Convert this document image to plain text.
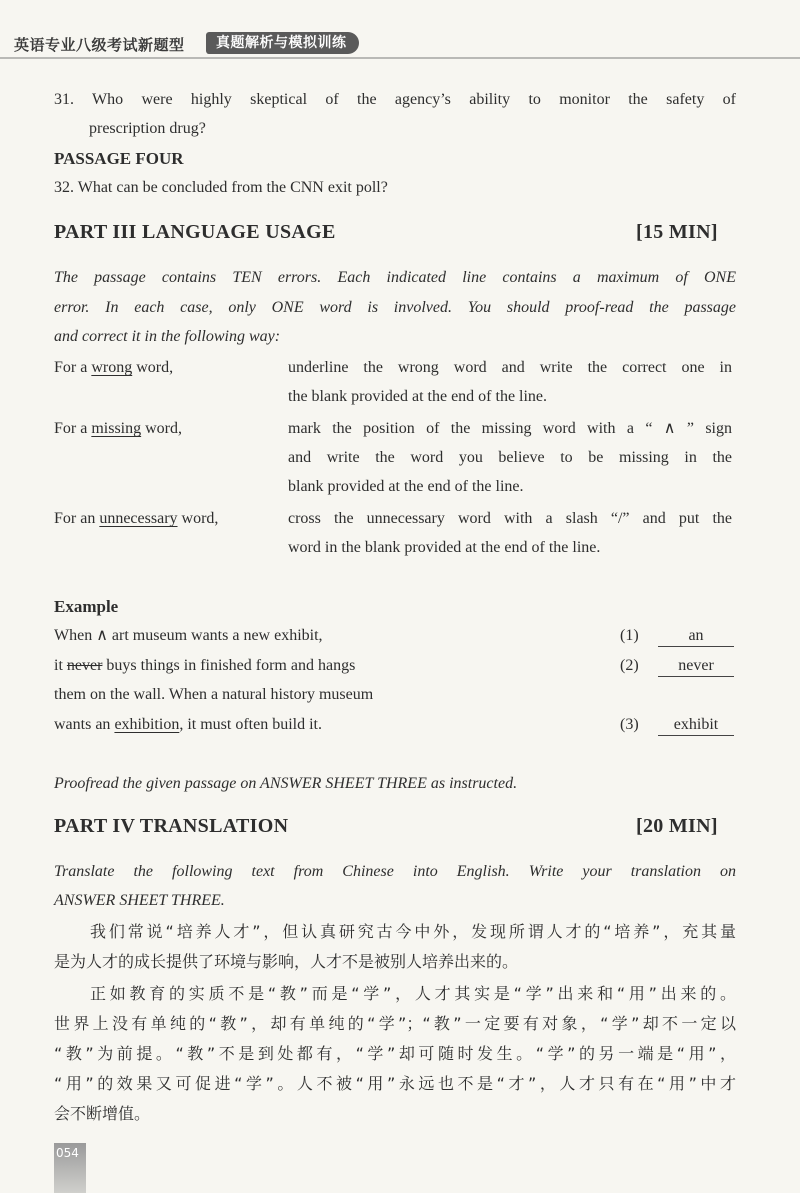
英语专业八级考试新题型	真题解析与模拟训练
31. Who were highly skeptical of the agency’s ability to monitor the safety of
prescription drug?
PASSAGE FOUR
32. What can be concluded from the CNN exit poll?
PART III LANGUAGE USAGE	[15 MIN]
The passage contains TEN errors. Each indicated line contains a maximum of ONE
error. In each case, only ONE word is involved. You should proof-read the passage
and correct it in the following way:
For a wrong word,	underline the wrong word and write the correct one in
the blank provided at the end of the line.
For a missing word,	mark the position of the missing word with a “ ∧ ” sign
and write the word you believe to be missing in the
blank provided at the end of the line.
For an unnecessary word,	cross the unnecessary word with a slash “/” and put the
word in the blank provided at the end of the line.
Example
When ∧ art museum wants a new exhibit,
it never buys things in finished form and hangs
them on the wall. When a natural history museum
wants an exhibition, it must often build it.
(1)	an
(2)	never
(3)	exhibit
Proofread the given passage on ANSWER SHEET THREE as instructed.
PART IV TRANSLATION	[20 MIN]
Translate the following text from Chinese into English. Write your translation on
ANSWER SHEET THREE.
我们常说“培养人才”，但认真研究古今中外，发现所谓人才的“培养”，充其量
是为人才的成长提供了环境与影响，人才不是被别人培养出来的。
正如教育的实质不是“教”而是“学”，人才其实是“学”出来和“用”出来的。
世界上没有单纯的“教”，却有单纯的“学”；“教”一定要有对象，“学”却不一定以
“教”为前提。“教”不是到处都有，“学”却可随时发生。“学”的另一端是“用”，
“用”的效果又可促进“学”。人不被“用”永远也不是“才”，人才只有在“用”中才
会不断增值。
054
